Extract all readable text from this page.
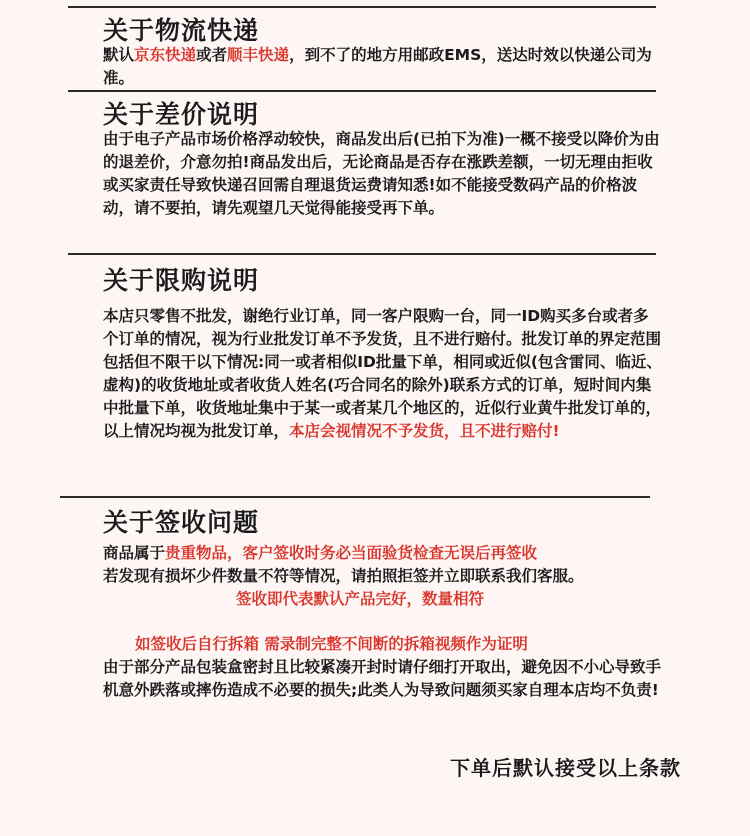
关于物流快递
默认京东快递或者顺丰快递，到不了的地方用邮政EMS，送达时效以快递公司为准。
关于差价说明
由于电子产品市场价格浮动较快，商品发出后(已拍下为准)一概不接受以降价为由的退差价，介意勿拍!商品发出后，无论商品是否存在涨跌差额，一切无理由拒收或买家责任导致快递召回需自理退货运费请知悉!如不能接受数码产品的价格波动，请不要拍，请先观望几天觉得能接受再下单。
关于限购说明
本店只零售不批发，谢绝行业订单，同一客户限购一台，同一ID购买多台或者多个订单的情况，视为行业批发订单不予发货，且不进行赔付。批发订单的界定范围包括但不限干以下情况:同一或者相似ID批量下单，相同或近似(包含雷同、临近、虚构)的收货地址或者收货人姓名(巧合同名的除外)联系方式的订单，短时间内集中批量下单，收货地址集中于某一或者某几个地区的，近似行业黄牛批发订单的，以上情况均视为批发订单，本店会视情况不予发货，且不进行赔付!
关于签收问题
商品属于贵重物品，客户签收时务必当面验货检查无误后再签收
若发现有损坏少件数量不符等情况，请拍照拒签并立即联系我们客服。
签收即代表默认产品完好，数量相符
如签收后自行拆箱 需录制完整不间断的拆箱视频作为证明
由于部分产品包装盒密封且比较紧凑开封时请仔细打开取出，避免因不小心导致手机意外跌落或摔伤造成不必要的损失;此类人为导致问题须买家自理本店均不负责!
下单后默认接受以上条款
